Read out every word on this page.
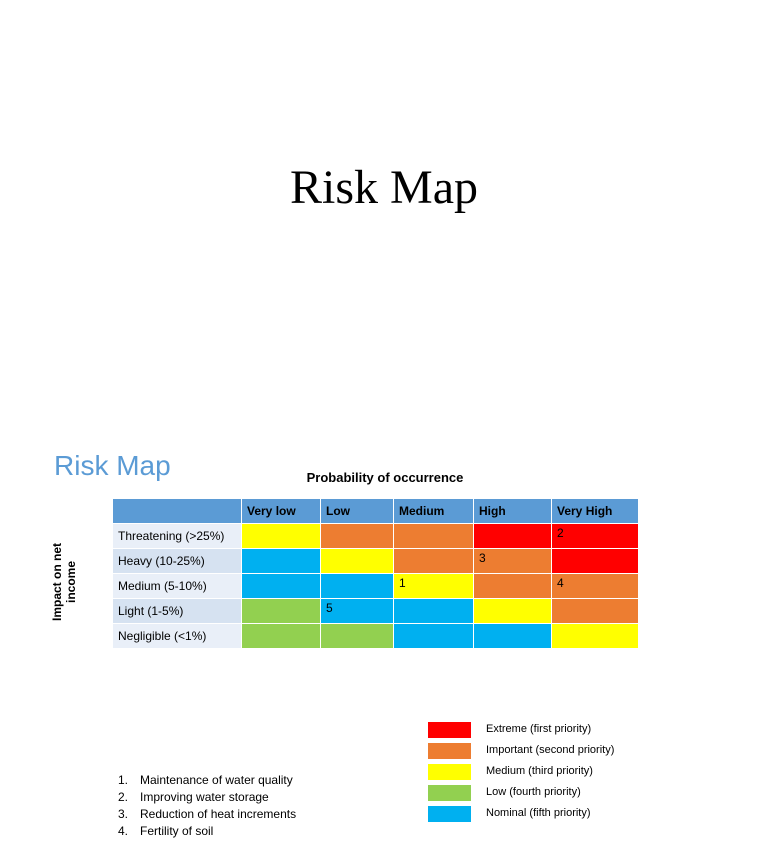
Risk Map
Risk Map	Probability of occurrence
Impact on net income
	Very low	Low	Medium	High	Very High
Threatening (>25%)					2
Heavy (10-25%)				3	
Medium (5-10%)			1		4
Light (1-5%)		5			
Negligible (<1%)					
Extreme (first priority)
Important (second priority)
Medium (third priority)
Low (fourth priority)
Nominal (fifth priority)
1. Maintenance of water quality
2. Improving water storage
3. Reduction of heat increments
4. Fertility of soil
